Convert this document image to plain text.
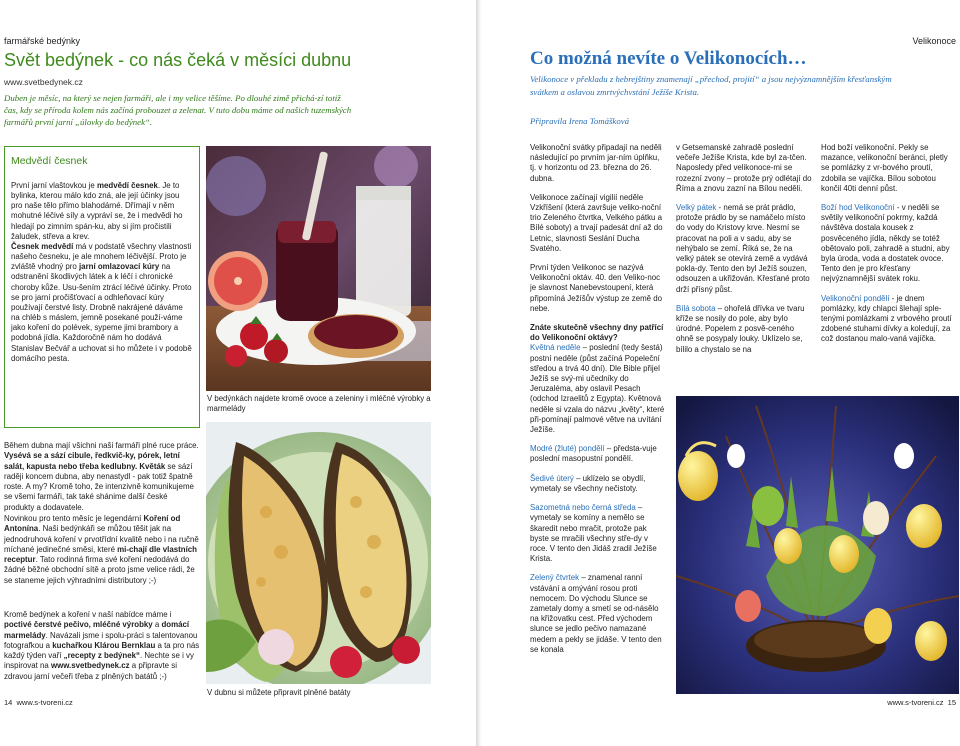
farmářské bedýnky
Svět bedýnek - co nás čeká v měsíci dubnu
www.svetbedynek.cz

Duben je měsíc, na který se nejen farmáři, ale i my velice těšíme. Po dlouhé zimě přichá-zí totiž čas, kdy se příroda kolem nás začíná probouzet a zelenat. V tuto dobu máme od našich tuzemských farmářů první jarní „úlovky do bedýnek“.

Medvědí česnek
První jarní vlaštovkou je medvědí česnek. Je to bylinka, kterou málo kdo zná, ale její účinky jsou pro naše tělo přímo blahodárné. Dřímají v něm mohutné léčivé síly a vypráví se, že i medvědi ho hledají po zimním spán-ku, aby si jím pročistili žaludek, střeva a krev.
Česnek medvědí má v podstatě všechny vlastnosti našeho česneku, je ale mnohem léčivější. Proto je zvláště vhodný pro jarní omlazovací kúry na odstranění škodlivých látek a k léčí i chronické choroby kůže. Usu-šením ztrácí léčivé účinky. Proto se pro jarní pročišťovací a odhleňovací kúry používají čerstvé listy. Drobně nakrájené dáváme na chléb s máslem, jemně posekané použí-váme jako koření do polévek, sypeme jimi brambory a podobná jídla. Každoročně nám ho dodává Stanislav Bečvář a uchovat si ho můžete i v podobě domácího pesta.

Během dubna mají všichni naši farmáři plné ruce práce. Vysévá se a sází cibule, ředkvič-ky, pórek, letní salát, kapusta nebo třeba kedlubny. Květák se sází raději koncem dubna, aby nenastydl - pak totiž špatně roste. A my? Kromě toho, že intenzivně komunikujeme se všemi farmáři, tak také shánime další české produkty a dodavatele.

Novinkou pro tento měsíc je legendární Koření od Antonína. Naši bedýnkáři se můžou těšit jak na jednodruhová koření v prvotřídní kvalitě nebo i na ručně míchané jedinečné směsi, které mi-chají dle vlastních receptur. Tato rodinná firma své koření nedodává do žádné běžné obchodní sítě a proto jsme velice rádi, že se staneme jejich výhradními distributory ;-)

Kromě bedýnek a koření v naší nabídce máme i poctivé čerstvé pečivo, mléčné výrobky a domácí marmelády. Navázali jsme i spolu-práci s talentovanou fotografkou a kuchařkou Klárou Bernklau a ta pro nás každý týden vaří „recepty z bedýnek“. Nechte se i vy inspirovat na www.svetbedynek.cz a připravte si zdravou jarní večeři třeba z plněných batátů ;-)

V bedýnkách najdete kromě ovoce a zeleniny i mléčné výrobky a marmelády
V dubnu si můžete připravit plněné batáty
14 www.s-tvoreni.cz
Velikonoce
Co možná nevíte o Velikonocích…

Velikonoce v překladu z hebrejštiny znamenají „přechod, projití“ a jsou nejvýznamnějším křesťanským svátkem a oslavou zmrtvýchvstání Ježíše Krista.

Připravila Irena Tomášková

Velikonoční svátky připadají na neděli následující po prvním jar-ním úplňku, tj. v horizontu od 23. března do 26. dubna.

Velikonoce začínají vigilií neděle Vzkříšení (která završuje veliko-noční trio Zeleného čtvrtka, Velkého pátku a Bílé soboty) a trvají padesát dní až do Letnic, slavnosti Seslání Ducha Svatého.

První týden Velikonoc se nazývá Velikonoční oktáv. 40. den Veliko-noc je slavnost Nanebevstoupení, která připomíná Ježíšův výstup ze země do nebe.

Znáte skutečně všechny dny patřící do Velikonoční oktávy?
Květná neděle – poslední (tedy šestá) postní neděle (půst začíná Popeleční středou a trvá 40 dní). Dle Bible přijel Ježíš se svý-mi učedníky do Jeruzaléma, aby oslavil Pesach (odchod Izraelitů z Egypta). Květnová neděle si vzala do názvu „květy“, které při-pomínají palmové větve na uvítání Ježíše.

Modré (žluté) pondělí – předsta-vuje poslední masopustní pondělí.

Šedivé úterý – uklízelo se obydlí, vymetaly se všechny nečistoty.

Sazometná nebo černá středa – vymetaly se komíny a nemělo se škaredit nebo mračit, protože pak byste se mračili všechny stře-dy v roce. V tento den Jidáš zradil Ježíše Krista.

Zelený čtvrtek – znamenal ranní vstávání a omývání rosou proti nemocem. Do východu Slunce se zametaly domy a smetí se od-násělo na křižovatku cest. Před východem slunce se jedlo pečivo namazané medem a pekly se jidáše. V tento den se konala

v Getsemanské zahradě poslední večeře Ježíše Krista, kde byl za-tčen. Naposledy před velikonoce-mi se rozezní zvony – protože prý odlétají do Říma a znovu zazní na Bílou neděli.

Velký pátek - nemá se prát prádlo, protože prádlo by se namáčelo místo do vody do Kristovy krve. Nesmí se pracovat na poli a v sadu, aby se nehýbalo se zemí. Říká se, že na velký pátek se otevírá země a vydává pokla-dy. Tento den byl Ježíš souzen, odsouzen a ukřižován. Křesťané proto drží přísný půst.

Bílá sobota – ohořelá dřívka ve tvaru kříže se nosily do pole, aby bylo úrodné. Popelem z posvě-ceného ohně se posypaly louky. Uklízelo se, bílilo a chystalo se na

Hod boží velikonoční. Pekly se mazance, velikonoční beránci, pletly se pomlázky z vr-bového proutí, zdobila se vajíčka. Bílou sobotou končil 40ti denní půst.

Boží hod Velikonoční - v neděli se světily velikonoční pokrmy, každá návštěva dostala kousek z posvěceného jídla, někdy se totéž obětovalo poli, zahradě a studni, aby byla úroda, voda a dostatek ovoce. Tento den je pro křesťany nejvýznamnější svátek roku.

Velikonoční pondělí - je dnem pomlázky, kdy chlapci šlehají sple-tenými pomlázkami z vrbového proutí zdobené stuhami dívky a koledují, za což dostanou malo-vaná vajíčka.

www.s-tvoreni.cz 15
